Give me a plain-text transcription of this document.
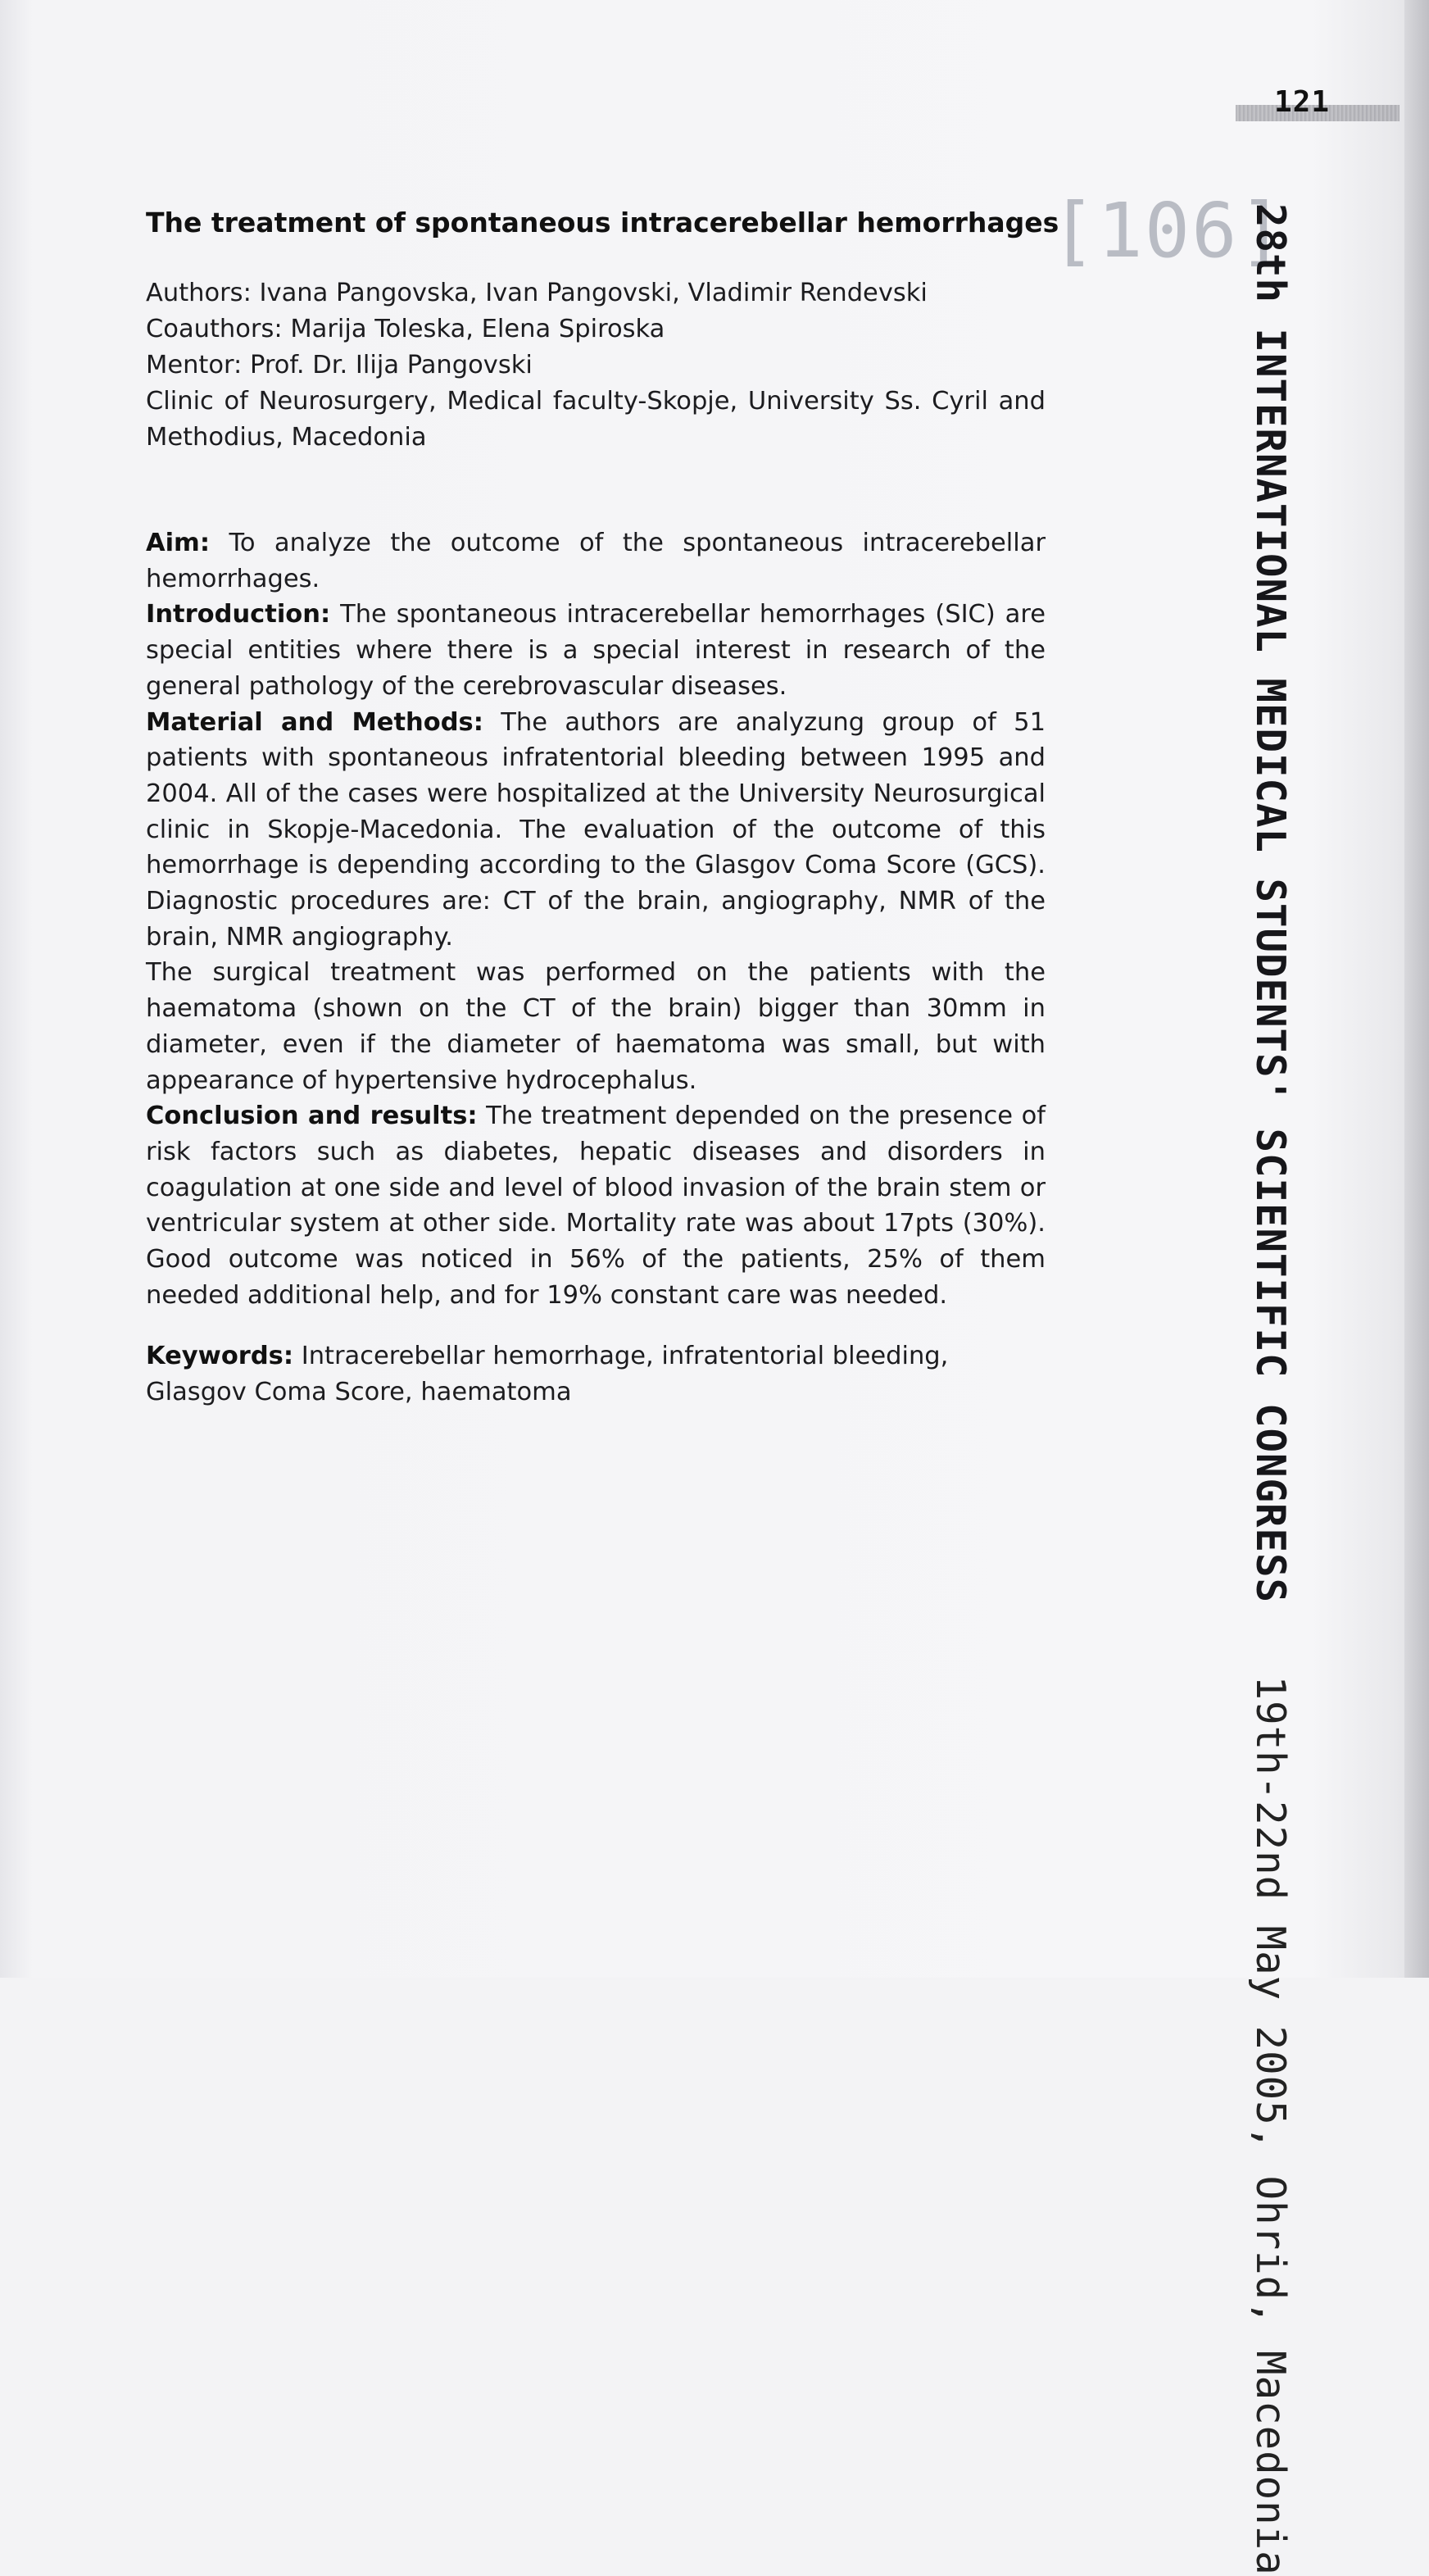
121
[106]
28th INTERNATIONAL MEDICAL STUDENTS' SCIENTIFIC CONGRESS   19th-22nd May 2005, Ohrid, Macedonia
The treatment of spontaneous intracerebellar hemorrhages

Authors: Ivana Pangovska, Ivan Pangovski, Vladimir Rendevski

Coauthors: Marija Toleska, Elena Spiroska

Mentor: Prof. Dr. Ilija Pangovski

Clinic of Neurosurgery, Medical faculty-Skopje, University Ss. Cyril and Methodius, Macedonia

Aim: To analyze the outcome of the spontaneous intracerebellar hemorrhages.

Introduction: The spontaneous intracerebellar hemorrhages (SIC) are special entities where there is a special interest in research of the general pathology of the cerebrovascular diseases.

Material and Methods: The authors are analyzung group of 51 patients with spontaneous infratentorial bleeding between 1995 and 2004. All of the cases were hospitalized at the University Neurosurgical clinic in Skopje-Macedonia. The evaluation of the outcome of this hemorrhage is depending according to the Glasgov Coma Score (GCS). Diagnostic procedures are: CT of the brain, angiography, NMR of the brain, NMR angiography.

The surgical treatment was performed on the patients with the haematoma (shown on the CT of the brain) bigger than 30mm in diameter, even if the diameter of haematoma was small, but with appearance of hypertensive hydrocephalus.

Conclusion and results: The treatment depended on the presence of risk factors such as diabetes, hepatic diseases and disorders in coagulation at one side and level of blood invasion of the brain stem or ventricular system at other side. Mortality rate was about 17pts (30%). Good outcome was noticed in 56% of the patients, 25% of them needed additional help, and for 19% constant care was needed.

Keywords: Intracerebellar hemorrhage, infratentorial bleeding, Glasgov Coma Score, haematoma
